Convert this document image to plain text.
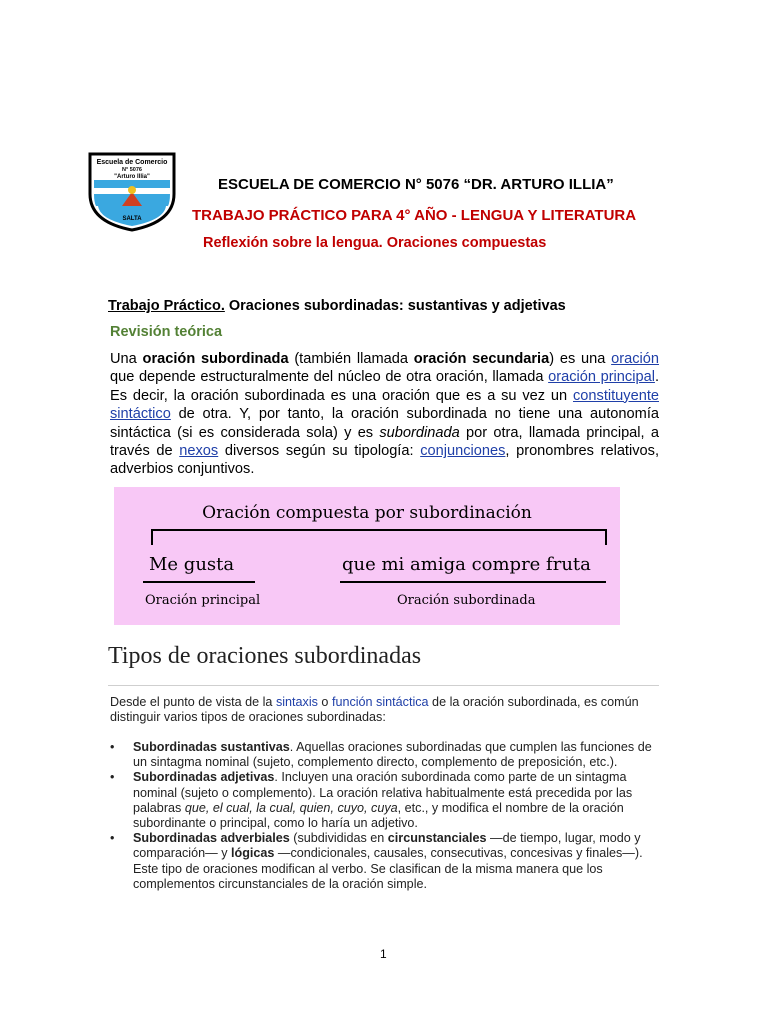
Escuela de Comercio
N° 5076
"Arturo Illia"
SALTA
ESCUELA DE COMERCIO N° 5076 “DR. ARTURO ILLIA”
TRABAJO PRÁCTICO PARA 4° AÑO - LENGUA Y LITERATURA
Reflexión sobre la lengua. Oraciones compuestas
Trabajo Práctico. Oraciones subordinadas: sustantivas y adjetivas
Revisión teórica
Una oración subordinada (también llamada oración secundaria) es una oración que depende estructuralmente del núcleo de otra oración, llamada oración principal. Es decir, la oración subordinada es una oración que es a su vez un constituyente sintáctico de otra. Y, por tanto, la oración subordinada no tiene una autonomía sintáctica (si es considerada sola) y es subordinada por otra, llamada principal, a través de nexos diversos según su tipología: conjunciones, pronombres relativos, adverbios conjuntivos.
Oración compuesta por subordinación
Me gusta	que mi amiga compre fruta
Oración principal	Oración subordinada
Tipos de oraciones subordinadas
Desde el punto de vista de la sintaxis o función sintáctica de la oración subordinada, es común distinguir varios tipos de oraciones subordinadas:
• Subordinadas sustantivas. Aquellas oraciones subordinadas que cumplen las funciones de un sintagma nominal (sujeto, complemento directo, complemento de preposición, etc.).
• Subordinadas adjetivas. Incluyen una oración subordinada como parte de un sintagma nominal (sujeto o complemento). La oración relativa habitualmente está precedida por las palabras que, el cual, la cual, quien, cuyo, cuya, etc., y modifica el nombre de la oración subordinante o principal, como lo haría un adjetivo.
• Subordinadas adverbiales (subdivididas en circunstanciales —de tiempo, lugar, modo y comparación— y lógicas —condicionales, causales, consecutivas, concesivas y finales—). Este tipo de oraciones modifican al verbo. Se clasifican de la misma manera que los complementos circunstanciales de la oración simple.
1
